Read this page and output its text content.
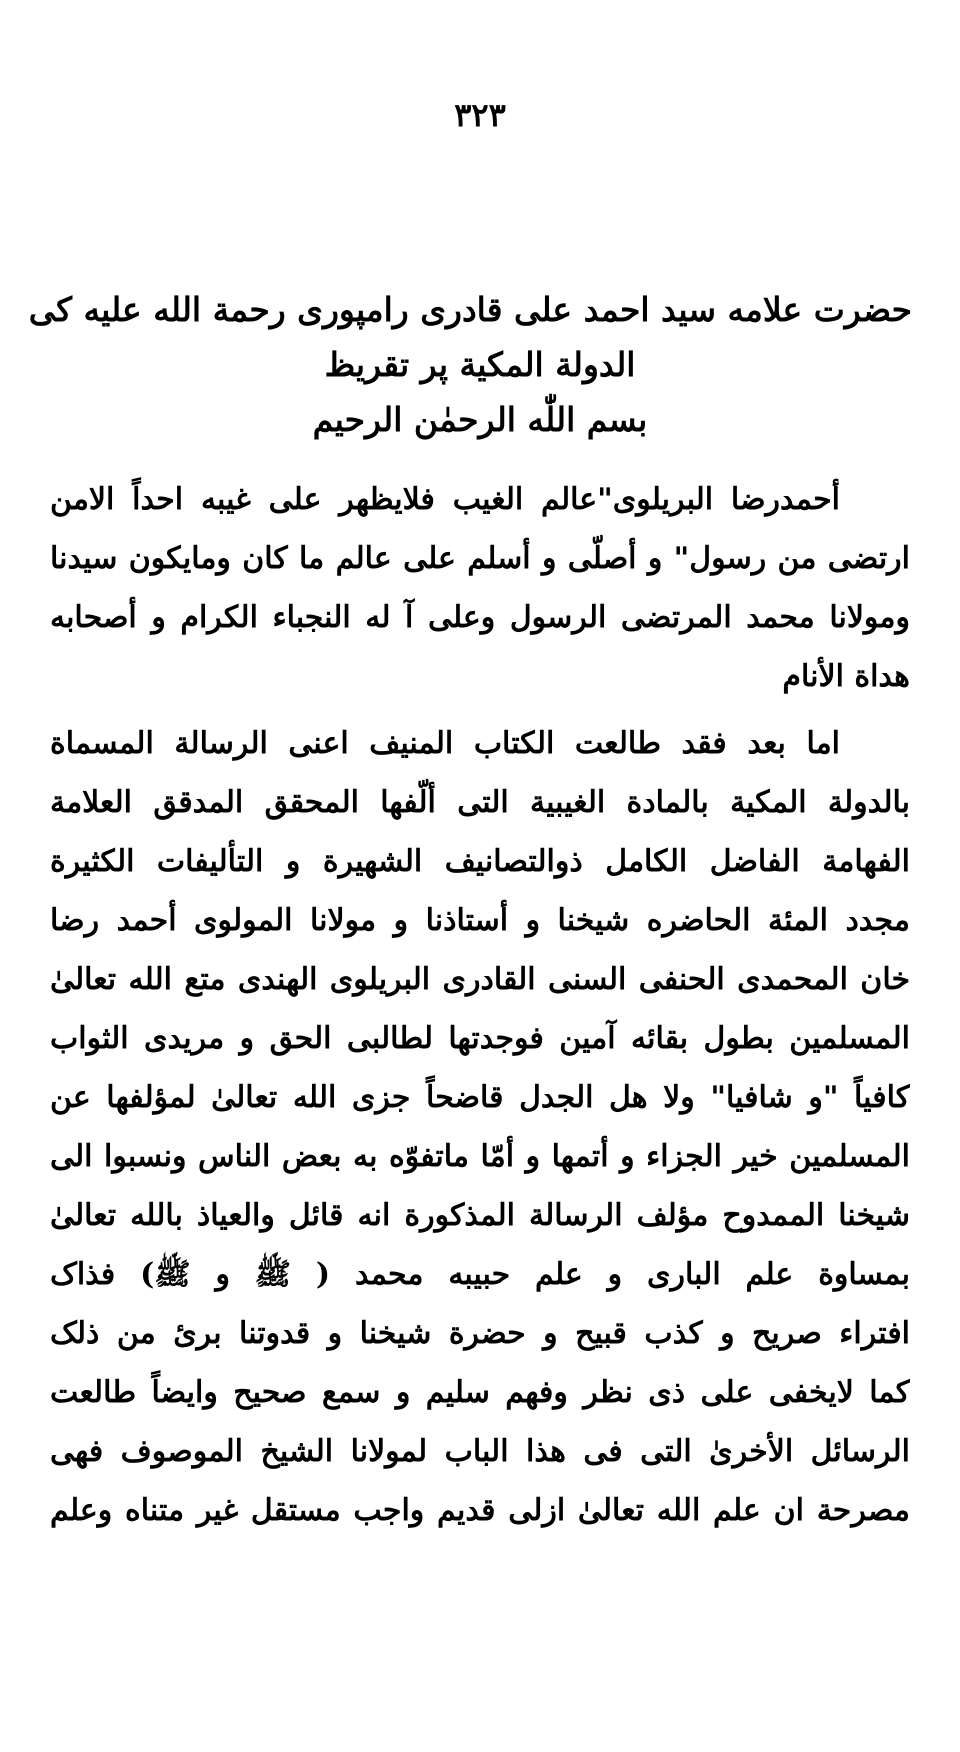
۳۲۳
حضرت علامه سید احمد علی قادری رامپوری رحمة الله علیه کی
الدولة المکیة پر تقریظ
بسم اللّٰه الرحمٰن الرحیم
أحمدرضا البریلوی"عالم الغیب فلایظهر علی غیبه احداً الامن
ارتضی من رسول" و أصلّی و أسلم علی عالم ما کان ومایکون سیدنا
ومولانا محمد المرتضی الرسول وعلی آ له النجباء الکرام و أصحابه
هداة الأنام
اما بعد فقد طالعت الکتاب المنیف اعنی الرسالة المسماة
بالدولة المکیة بالمادة الغیبیة التی ألّفها المحقق المدقق العلامة
الفهامة الفاضل الکامل ذوالتصانیف الشهیرة و التألیفات الکثیرة
مجدد المئة الحاضره شیخنا و أستاذنا و مولانا المولوی أحمد رضا
خان المحمدی الحنفی السنی القادری البریلوی الهندی متع الله تعالیٰ
المسلمین بطول بقائه آمین فوجدتها لطالبی الحق و مریدی الثواب
کافیاً "و شافیا" ولا هل الجدل قاضحاً جزی الله تعالیٰ لمؤلفها عن
المسلمین خیر الجزاء و أتمها و أمّا ماتفوّه به بعض الناس ونسبوا الی
شیخنا الممدوح مؤلف الرسالة المذکورة انه قائل والعیاذ بالله تعالیٰ
بمساوة علم الباری و علم حبیبه محمد ( ﷺ و ﷺ) فذاک
افتراء صریح و کذب قبیح و حضرة شیخنا و قدوتنا بریٔ من ذلک
کما لایخفی علی ذی نظر وفهم سلیم و سمع صحیح وایضاً طالعت
الرسائل الأخریٰ التی فی هذا الباب لمولانا الشیخ الموصوف فهی
مصرحة ان علم الله تعالیٰ ازلی قدیم واجب مستقل غیر متناه وعلم
